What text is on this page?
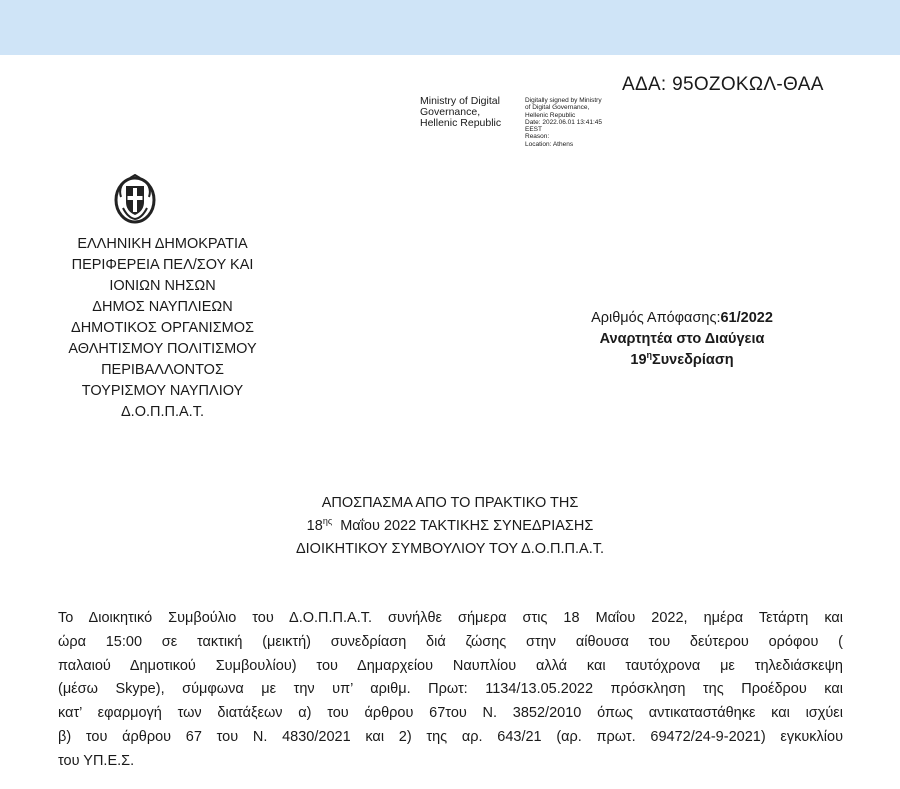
ΑΔΑ: 95ΟΖΟΚΩΛ-ΘΑΑ
Ministry of Digital
Governance,
Hellenic Republic
Digitally signed by Ministry
of Digital Governance,
Hellenic Republic
Date: 2022.06.01 13:41:45
EEST
Reason:
Location: Athens
ΕΛΛΗΝΙΚΗ ΔΗΜΟΚΡΑΤΙΑ
ΠΕΡΙΦΕΡΕΙΑ ΠΕΛ/ΣΟΥ ΚΑΙ
ΙΟΝΙΩΝ ΝΗΣΩΝ
ΔΗΜΟΣ ΝΑΥΠΛΙΕΩΝ
ΔΗΜΟΤΙΚΟΣ ΟΡΓΑΝΙΣΜΟΣ
ΑΘΛΗΤΙΣΜΟΥ ΠΟΛΙΤΙΣΜΟΥ
ΠΕΡΙΒΑΛΛΟΝΤΟΣ
ΤΟΥΡΙΣΜΟΥ ΝΑΥΠΛΙΟΥ
Δ.Ο.Π.Π.Α.Τ.
Αριθμός Απόφασης:61/2022
Αναρτητέα στο Διαύγεια
$19^\eta\Sigma\upsilon\nu\varepsilon\delta\rho ί\alpha\sigma\eta$
ΑΠΟΣΠΑΣΜΑ ΑΠΟ ΤΟ ΠΡΑΚΤΙΚΟ ΤΗΣ
$18^{\eta\varsigma}$  Μαΐου 2022 ΤΑΚΤΙΚΗΣ ΣΥΝΕΔΡΙΑΣΗΣ
ΔΙΟΙΚΗΤΙΚΟΥ ΣΥΜΒΟΥΛΙΟΥ ΤΟΥ Δ.Ο.Π.Π.Α.Τ.
Το Διοικητικό Συμβούλιο του Δ.Ο.Π.Π.Α.Τ. συνήλθε σήμερα στις 18 Μαΐου 2022, ημέρα Τετάρτη και
ώρα 15:00 σε τακτική (μεικτή) συνεδρίαση διά ζώσης στην αίθουσα του δεύτερου ορόφου (
παλαιού Δημοτικού Συμβουλίου) του Δημαρχείου Ναυπλίου αλλά και ταυτόχρονα με τηλεδιάσκεψη
(μέσω Skype), σύμφωνα με την υπ’ αριθμ. Πρωτ: 1134/13.05.2022 πρόσκληση της Προέδρου και
κατ’ εφαρμογή των διατάξεων α) του άρθρου 67του Ν. 3852/2010 όπως αντικαταστάθηκε και ισχύει
β) του άρθρου 67 του Ν. 4830/2021 και 2) της αρ. 643/21 (αρ. πρωτ. 69472/24-9-2021) εγκυκλίου
του ΥΠ.Ε.Σ.
